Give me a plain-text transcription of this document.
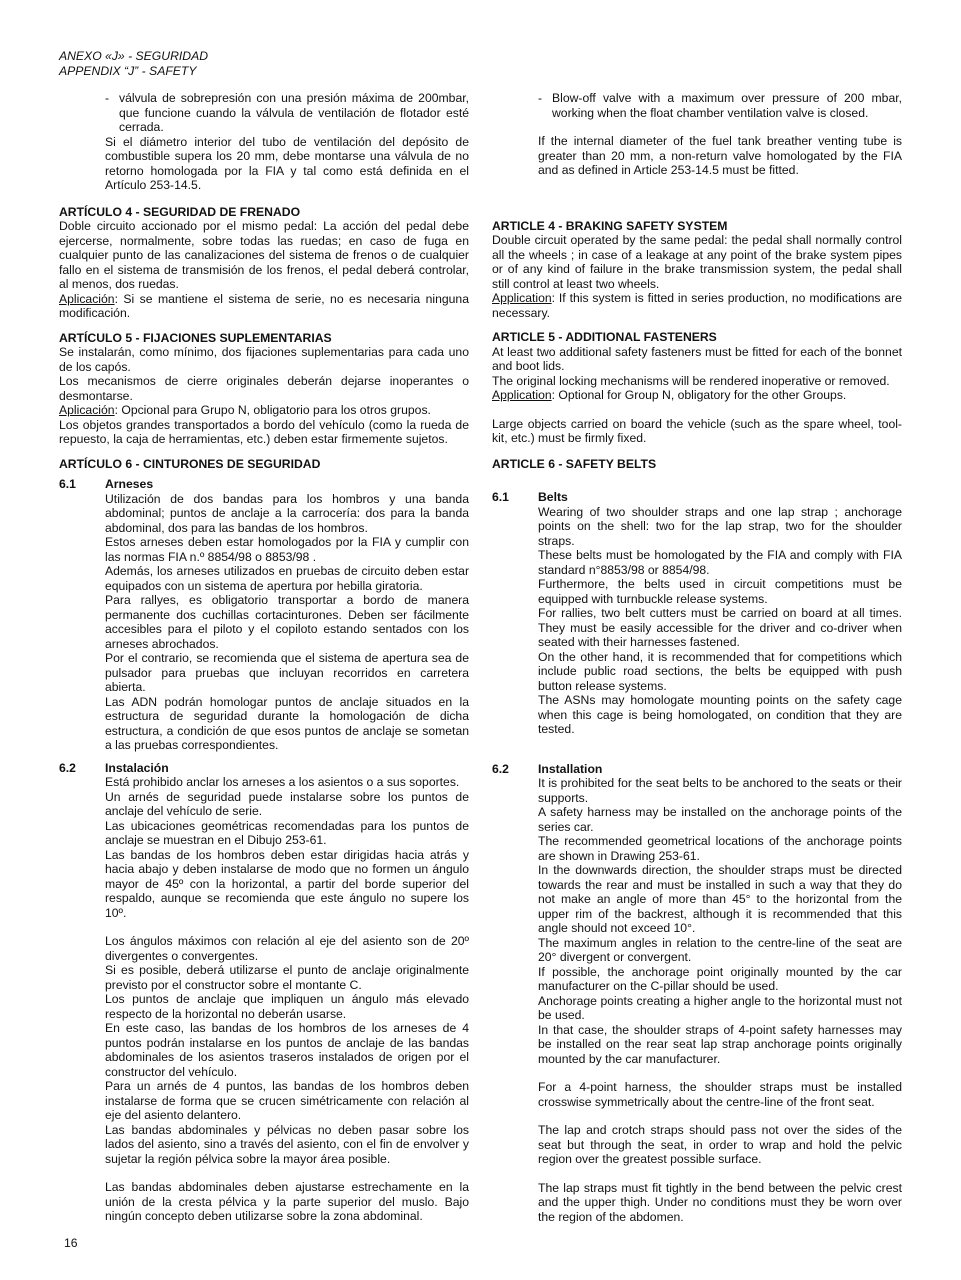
ANEXO «J» - SEGURIDAD
APPENDIX “J” - SAFETY
- válvula de sobrepresión con una presión máxima de 200mbar, que funcione cuando la válvula de ventilación de flotador esté cerrada.

Si el diámetro interior del tubo de ventilación del depósito de combustible supera los 20 mm, debe montarse una válvula de no retorno homologada por la FIA y tal como está definida en el Artículo 253-14.5.

ARTÍCULO 4 - SEGURIDAD DE FRENADO

Doble circuito accionado por el mismo pedal: La acción del pedal debe ejercerse, normalmente, sobre todas las ruedas; en caso de fuga en cualquier punto de las canalizaciones del sistema de frenos o de cualquier fallo en el sistema de transmisión de los frenos, el pedal deberá controlar, al menos, dos ruedas.

Aplicación: Si se mantiene el sistema de serie, no es necesaria ninguna modificación.

ARTÍCULO 5 - FIJACIONES SUPLEMENTARIAS

Se instalarán, como mínimo, dos fijaciones suplementarias para cada uno de los capós.

Los mecanismos de cierre originales deberán dejarse inoperantes o desmontarse.

Aplicación: Opcional para Grupo N, obligatorio para los otros grupos.

Los objetos grandes transportados a bordo del vehículo (como la rueda de repuesto, la caja de herramientas, etc.) deben estar firmemente sujetos.

ARTÍCULO 6 - CINTURONES DE SEGURIDAD

6.1 Arneses

Utilización de dos bandas para los hombros y una banda abdominal; puntos de anclaje a la carrocería: dos para la banda abdominal, dos para las bandas de los hombros.

Estos arneses deben estar homologados por la FIA y cumplir con las normas FIA n.º 8854/98 o 8853/98 .

Además, los arneses utilizados en pruebas de circuito deben estar equipados con un sistema de apertura por hebilla giratoria.

Para rallyes, es obligatorio transportar a bordo de manera permanente dos cuchillas cortacinturones. Deben ser fácilmente accesibles para el piloto y el copiloto estando sentados con los arneses abrochados.

Por el contrario, se recomienda que el sistema de apertura sea de pulsador para pruebas que incluyan recorridos en carretera abierta.

Las ADN podrán homologar puntos de anclaje situados en la estructura de seguridad durante la homologación de dicha estructura, a condición de que esos puntos de anclaje se sometan a las pruebas correspondientes.

6.2 Instalación

Está prohibido anclar los arneses a los asientos o a sus soportes.

Un arnés de seguridad puede instalarse sobre los puntos de anclaje del vehículo de serie.

Las ubicaciones geométricas recomendadas para los puntos de anclaje se muestran en el Dibujo 253-61.

Las bandas de los hombros deben estar dirigidas hacia atrás y hacia abajo y deben instalarse de modo que no formen un ángulo mayor de 45º con la horizontal, a partir del borde superior del respaldo, aunque se recomienda que este ángulo no supere los 10º.

Los ángulos máximos con relación al eje del asiento son de 20º divergentes o convergentes.

Si es posible, deberá utilizarse el punto de anclaje originalmente previsto por el constructor sobre el montante C.

Los puntos de anclaje que impliquen un ángulo más elevado respecto de la horizontal no deberán usarse.

En este caso, las bandas de los hombros de los arneses de 4 puntos podrán instalarse en los puntos de anclaje de las bandas abdominales de los asientos traseros instalados de origen por el constructor del vehículo.

Para un arnés de 4 puntos, las bandas de los hombros deben instalarse de forma que se crucen simétricamente con relación al eje del asiento delantero.

Las bandas abdominales y pélvicas no deben pasar sobre los lados del asiento, sino a través del asiento, con el fin de envolver y sujetar la región pélvica sobre la mayor área posible.

Las bandas abdominales deben ajustarse estrechamente en la unión de la cresta pélvica y la parte superior del muslo. Bajo ningún concepto deben utilizarse sobre la zona abdominal.

- Blow-off valve with a maximum over pressure of 200 mbar, working when the float chamber ventilation valve is closed.

If the internal diameter of the fuel tank breather venting tube is greater than 20 mm, a non-return valve homologated by the FIA and as defined in Article 253-14.5 must be fitted.

ARTICLE 4 - BRAKING SAFETY SYSTEM

Double circuit operated by the same pedal: the pedal shall normally control all the wheels ; in case of a leakage at any point of the brake system pipes or of any kind of failure in the brake transmission system, the pedal shall still control at least two wheels.

Application: If this system is fitted in series production, no modifications are necessary.

ARTICLE 5 - ADDITIONAL FASTENERS

At least two additional safety fasteners must be fitted for each of the bonnet and boot lids.

The original locking mechanisms will be rendered inoperative or removed.

Application: Optional for Group N, obligatory for the other Groups.

Large objects carried on board the vehicle (such as the spare wheel, tool-kit, etc.) must be firmly fixed.

ARTICLE 6 - SAFETY BELTS

6.1 Belts

Wearing of two shoulder straps and one lap strap ; anchorage points on the shell: two for the lap strap, two for the shoulder straps.

These belts must be homologated by the FIA and comply with FIA standard n°8853/98 or 8854/98.

Furthermore, the belts used in circuit competitions must be equipped with turnbuckle release systems.

For rallies, two belt cutters must be carried on board at all times. They must be easily accessible for the driver and co-driver when seated with their harnesses fastened.

On the other hand, it is recommended that for competitions which include public road sections, the belts be equipped with push button release systems.

The ASNs may homologate mounting points on the safety cage when this cage is being homologated, on condition that they are tested.

6.2 Installation

It is prohibited for the seat belts to be anchored to the seats or their supports.

A safety harness may be installed on the anchorage points of the series car.

The recommended geometrical locations of the anchorage points are shown in Drawing 253-61.

In the downwards direction, the shoulder straps must be directed towards the rear and must be installed in such a way that they do not make an angle of more than 45° to the horizontal from the upper rim of the backrest, although it is recommended that this angle should not exceed 10°.

The maximum angles in relation to the centre-line of the seat are 20° divergent or convergent.

If possible, the anchorage point originally mounted by the car manufacturer on the C-pillar should be used.

Anchorage points creating a higher angle to the horizontal must not be used.

In that case, the shoulder straps of 4-point safety harnesses may be installed on the rear seat lap strap anchorage points originally mounted by the car manufacturer.

For a 4-point harness, the shoulder straps must be installed crosswise symmetrically about the centre-line of the front seat.

The lap and crotch straps should pass not over the sides of the seat but through the seat, in order to wrap and hold the pelvic region over the greatest possible surface.

The lap straps must fit tightly in the bend between the pelvic crest and the upper thigh. Under no conditions must they be worn over the region of the abdomen.

16
